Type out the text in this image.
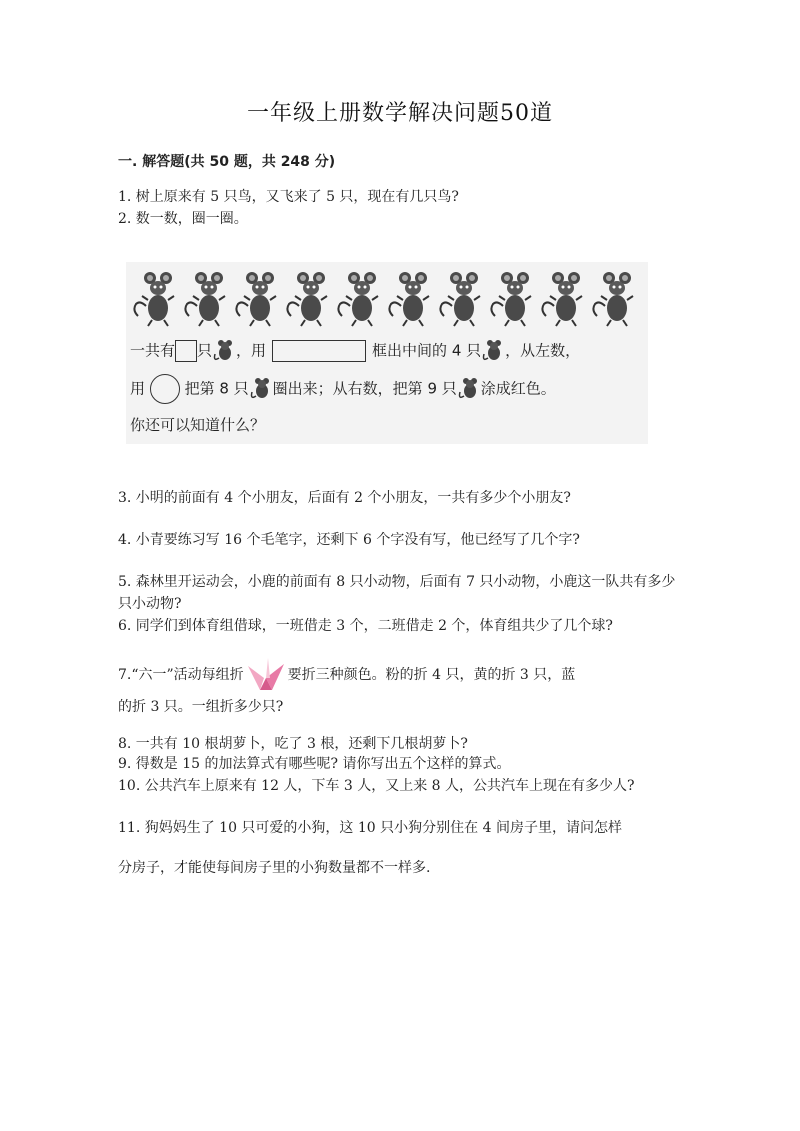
一年级上册数学解决问题50道
一. 解答题(共 50 题，共 248 分)
1. 树上原来有 5 只鸟，又飞来了 5 只，现在有几只鸟?
2. 数一数，圈一圈。
一共有 只 ，用	框出中间的 4 只 ，从左数，
用	把第 8 只 圈出来；从右数，把第 9 只 涂成红色。
你还可以知道什么？
3. 小明的前面有 4 个小朋友，后面有 2 个小朋友，一共有多少个小朋友?
4. 小青要练习写 16 个毛笔字，还剩下 6 个字没有写，他已经写了几个字?
5. 森林里开运动会，小鹿的前面有 8 只小动物，后面有 7 只小动物，小鹿这一队共有多少只小动物?
6. 同学们到体育组借球，一班借走 3 个，二班借走 2 个，体育组共少了几个球?
7.“六一”活动每组折	要折三种颜色。粉的折 4 只，黄的折 3 只，蓝
的折 3 只。一组折多少只?
8. 一共有 10 根胡萝卜，吃了 3 根，还剩下几根胡萝卜?
9. 得数是 15 的加法算式有哪些呢? 请你写出五个这样的算式。
10. 公共汽车上原来有 12 人，下车 3 人，又上来 8 人，公共汽车上现在有多少人?
11. 狗妈妈生了 10 只可爱的小狗，这 10 只小狗分别住在 4 间房子里，请问怎样
分房子，才能使每间房子里的小狗数量都不一样多.
